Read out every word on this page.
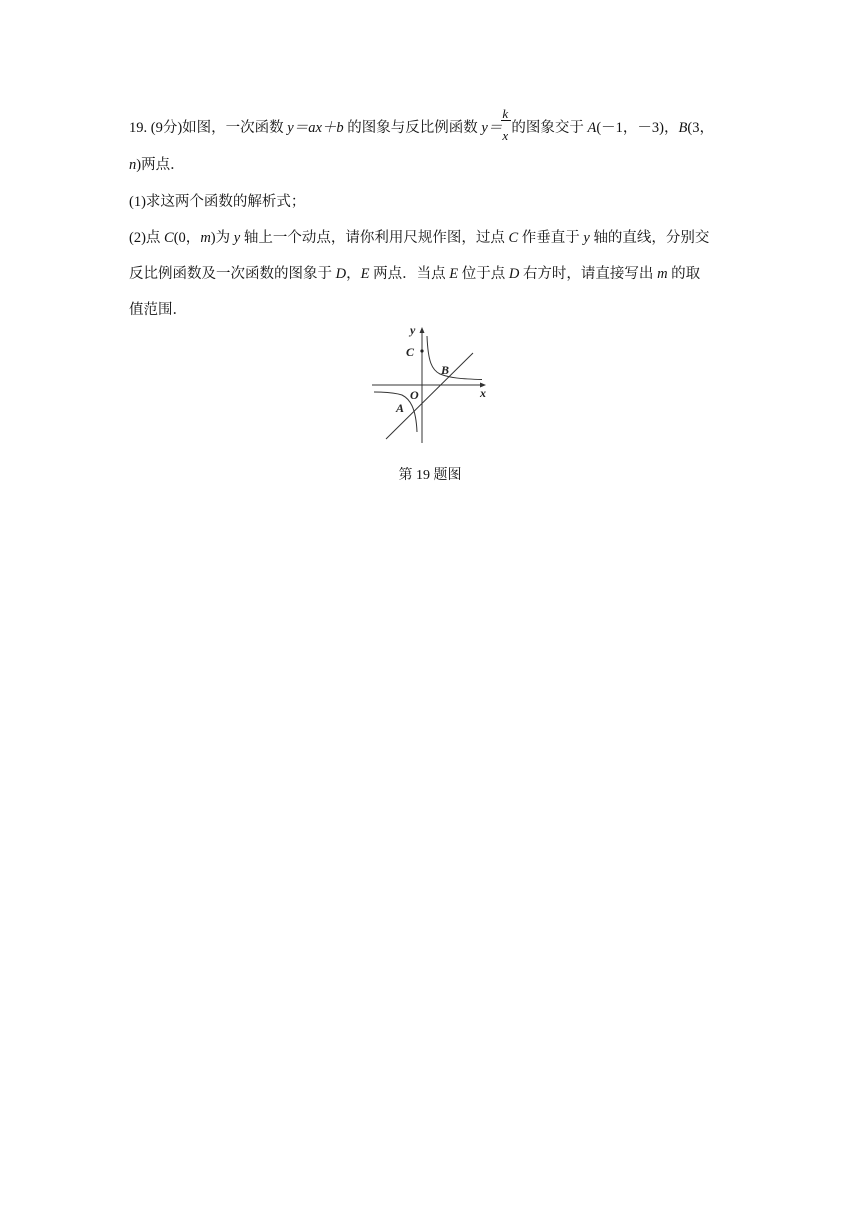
19. (9分)如图，一次函数 y＝ax＋b 的图象与反比例函数 $y= \frac{k}{x}$ 的图象交于 A(－1，－3)，B(3，
n)两点．
(1)求这两个函数的解析式；
(2)点 C(0，m)为 y 轴上一个动点，请你利用尺规作图，过点 C 作垂直于 y 轴的直线，分别交
反比例函数及一次函数的图象于 D，E 两点．当点 E 位于点 D 右方时，请直接写出 m 的取
值范围．
y
x
O
A
B
C
第 19 题图
